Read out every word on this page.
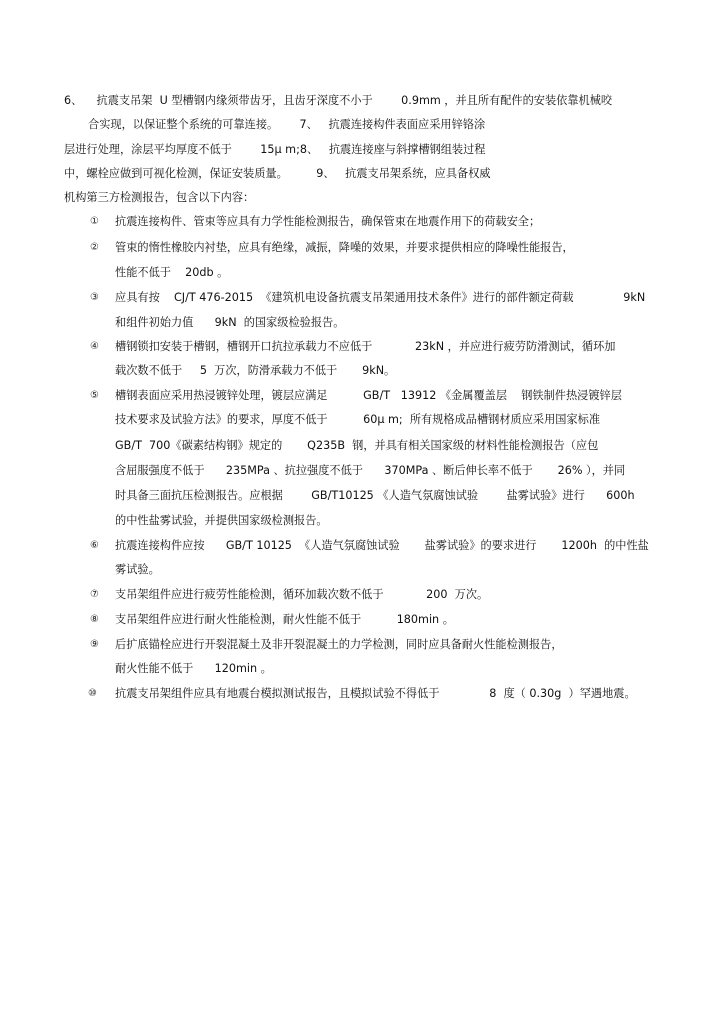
6、    抗震支吊架  U 型槽钢内缘须带齿牙，且齿牙深度不小于        0.9mm ，并且所有配件的安装依靠机械咬
合实现，以保证整个系统的可靠连接。      7、   抗震连接构件表面应采用锌铬涂
层进行处理，涂层平均厚度不低于        15μ m;8、   抗震连接座与斜撑槽钢组装过程
中，螺栓应做到可视化检测，保证安装质量。        9、   抗震支吊架系统，应具备权威
机构第三方检测报告，包含以下内容：
① 抗震连接构件、管束等应具有力学性能检测报告，确保管束在地震作用下的荷载安全；
② 管束的惰性橡胶内衬垫，应具有绝缘，减振，降噪的效果，并要求提供相应的降噪性能报告，
性能不低于    20db 。
③ 应具有按    CJ/T 476-2015  《建筑机电设备抗震支吊架通用技术条件》进行的部件额定荷载              9kN
和组件初始力值      9kN  的国家级检验报告。
④ 槽钢锁扣安装于槽钢，槽钢开口抗拉承载力不应低于            23kN ，并应进行疲劳防滑测试，循环加
载次数不低于     5  万次，防滑承载力不低于       9kN。
⑤ 槽钢表面应采用热浸镀锌处理，镀层应满足          GB/T   13912 《金属覆盖层    钢铁制件热浸镀锌层
技术要求及试验方法》的要求，厚度不低于          60μ m;  所有规格成品槽钢材质应采用国家标准
GB/T  700《碳素结构钢》规定的       Q235B  钢，并具有相关国家级的材料性能检测报告（应包
含屈服强度不低于      235MPa 、抗拉强度不低于      370MPa 、断后伸长率不低于       26% ），并同
时具备三面抗压检测报告。应根据        GB/T10125 《人造气氛腐蚀试验        盐雾试验》进行      600h
的中性盐雾试验，并提供国家级检测报告。
⑥ 抗震连接构件应按      GB/T 10125  《人造气氛腐蚀试验       盐雾试验》的要求进行       1200h  的中性盐
雾试验。
⑦ 支吊架组件应进行疲劳性能检测，循环加载次数不低于            200  万次。
⑧ 支吊架组件应进行耐火性能检测，耐火性能不低于          180min 。
⑨ 后扩底锚栓应进行开裂混凝土及非开裂混凝土的力学检测，同时应具备耐火性能检测报告，
耐火性能不低于      120min 。
⑩ 抗震支吊架组件应具有地震台模拟测试报告，且模拟试验不得低于              8  度（ 0.30g  ）罕遇地震。
